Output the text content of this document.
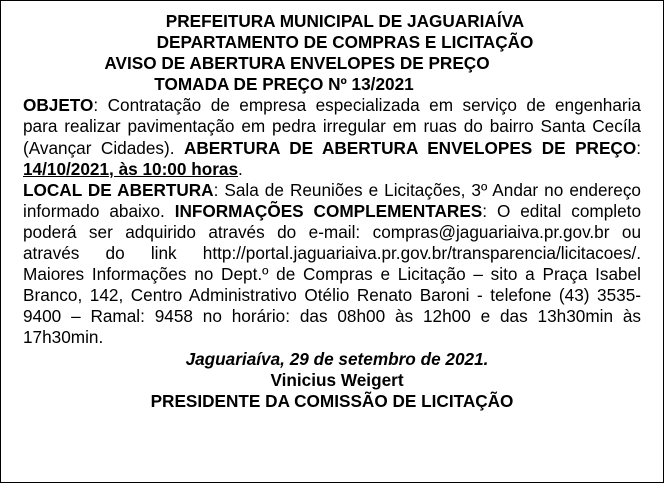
PREFEITURA MUNICIPAL DE JAGUARIAÍVA

DEPARTAMENTO DE COMPRAS E LICITAÇÃO

AVISO DE ABERTURA ENVELOPES DE PREÇO

TOMADA DE PREÇO Nº 13/2021

OBJETO: Contratação de empresa especializada em serviço de engenharia para realizar pavimentação em pedra irregular em ruas do bairro Santa Cecíla (Avançar Cidades). ABERTURA DE ABERTURA ENVELOPES DE PREÇO: 14/10/2021, às 10:00 horas.
LOCAL DE ABERTURA: Sala de Reuniões e Licitações, 3º Andar no endereço informado abaixo. INFORMAÇÕES COMPLEMENTARES: O edital completo poderá ser adquirido através do e-mail: compras@jaguariaiva.pr.gov.br ou através do link http://portal.jaguariaiva.pr.gov.br/transparencia/licitacoes/. Maiores Informações no Dept.º de Compras e Licitação – sito a Praça Isabel Branco, 142, Centro Administrativo Otélio Renato Baroni - telefone (43) 3535-9400 – Ramal: 9458 no horário: das 08h00 às 12h00 e das 13h30min às 17h30min.

Jaguariaíva, 29 de setembro de 2021.

Vinicius Weigert

PRESIDENTE DA COMISSÃO DE LICITAÇÃO
